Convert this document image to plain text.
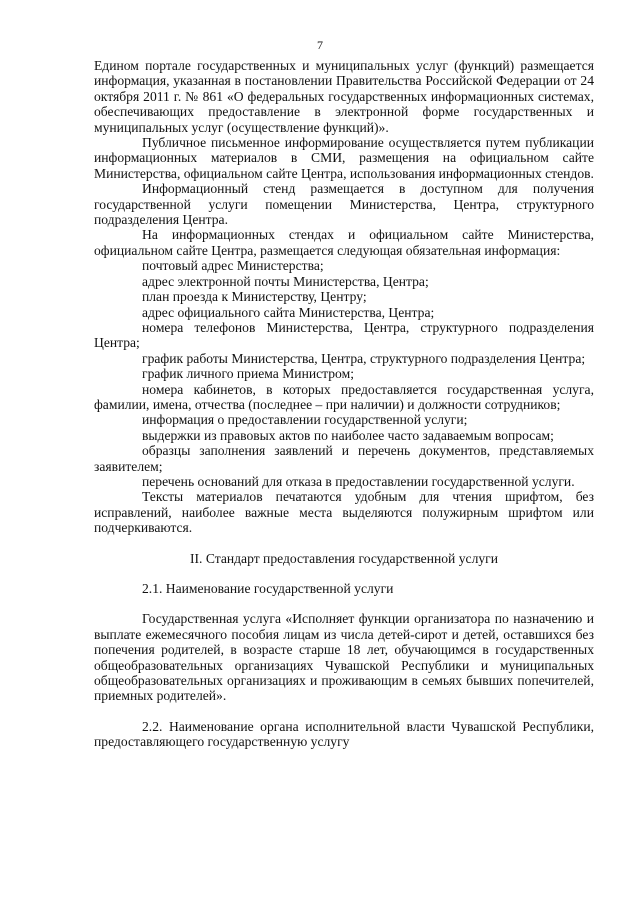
7

Едином портале государственных и муниципальных услуг (функций) размещается информация, указанная в постановлении Правительства Российской Федерации от 24 октября 2011 г. № 861 «О федеральных государственных информационных системах, обеспечивающих предоставление в электронной форме государственных и муниципальных услуг (осуществление функций)».

Публичное письменное информирование осуществляется путем публикации информационных материалов в СМИ, размещения на официальном сайте Министерства, официальном сайте Центра, использования информационных стендов.

Информационный стенд размещается в доступном для получения государственной услуги помещении Министерства, Центра, структурного подразделения Центра.

На информационных стендах и официальном сайте Министерства, официальном сайте Центра, размещается следующая обязательная информация:

почтовый адрес Министерства;

адрес электронной почты Министерства, Центра;

план проезда к Министерству, Центру;

адрес официального сайта Министерства, Центра;

номера телефонов Министерства, Центра, структурного подразделения Центра;

график работы Министерства, Центра, структурного подразделения Центра;

график личного приема Министром;

номера кабинетов, в которых предоставляется государственная услуга, фамилии, имена, отчества (последнее – при наличии) и должности сотрудников;

информация о предоставлении государственной услуги;

выдержки из правовых актов по наиболее часто задаваемым вопросам;

образцы заполнения заявлений и перечень документов, представляемых заявителем;

перечень оснований для отказа в предоставлении государственной услуги.

Тексты материалов печатаются удобным для чтения шрифтом, без исправлений, наиболее важные места выделяются полужирным шрифтом или подчеркиваются.

II. Стандарт предоставления государственной услуги

2.1. Наименование государственной услуги

Государственная услуга «Исполняет функции организатора по назначению и выплате ежемесячного пособия лицам из числа детей-сирот и детей, оставшихся без попечения родителей, в возрасте старше 18 лет, обучающимся в государственных общеобразовательных организациях Чувашской Республики и муниципальных общеобразовательных организациях и проживающим в семьях бывших попечителей, приемных родителей».

2.2. Наименование органа исполнительной власти Чувашской Республики, предоставляющего государственную услугу
